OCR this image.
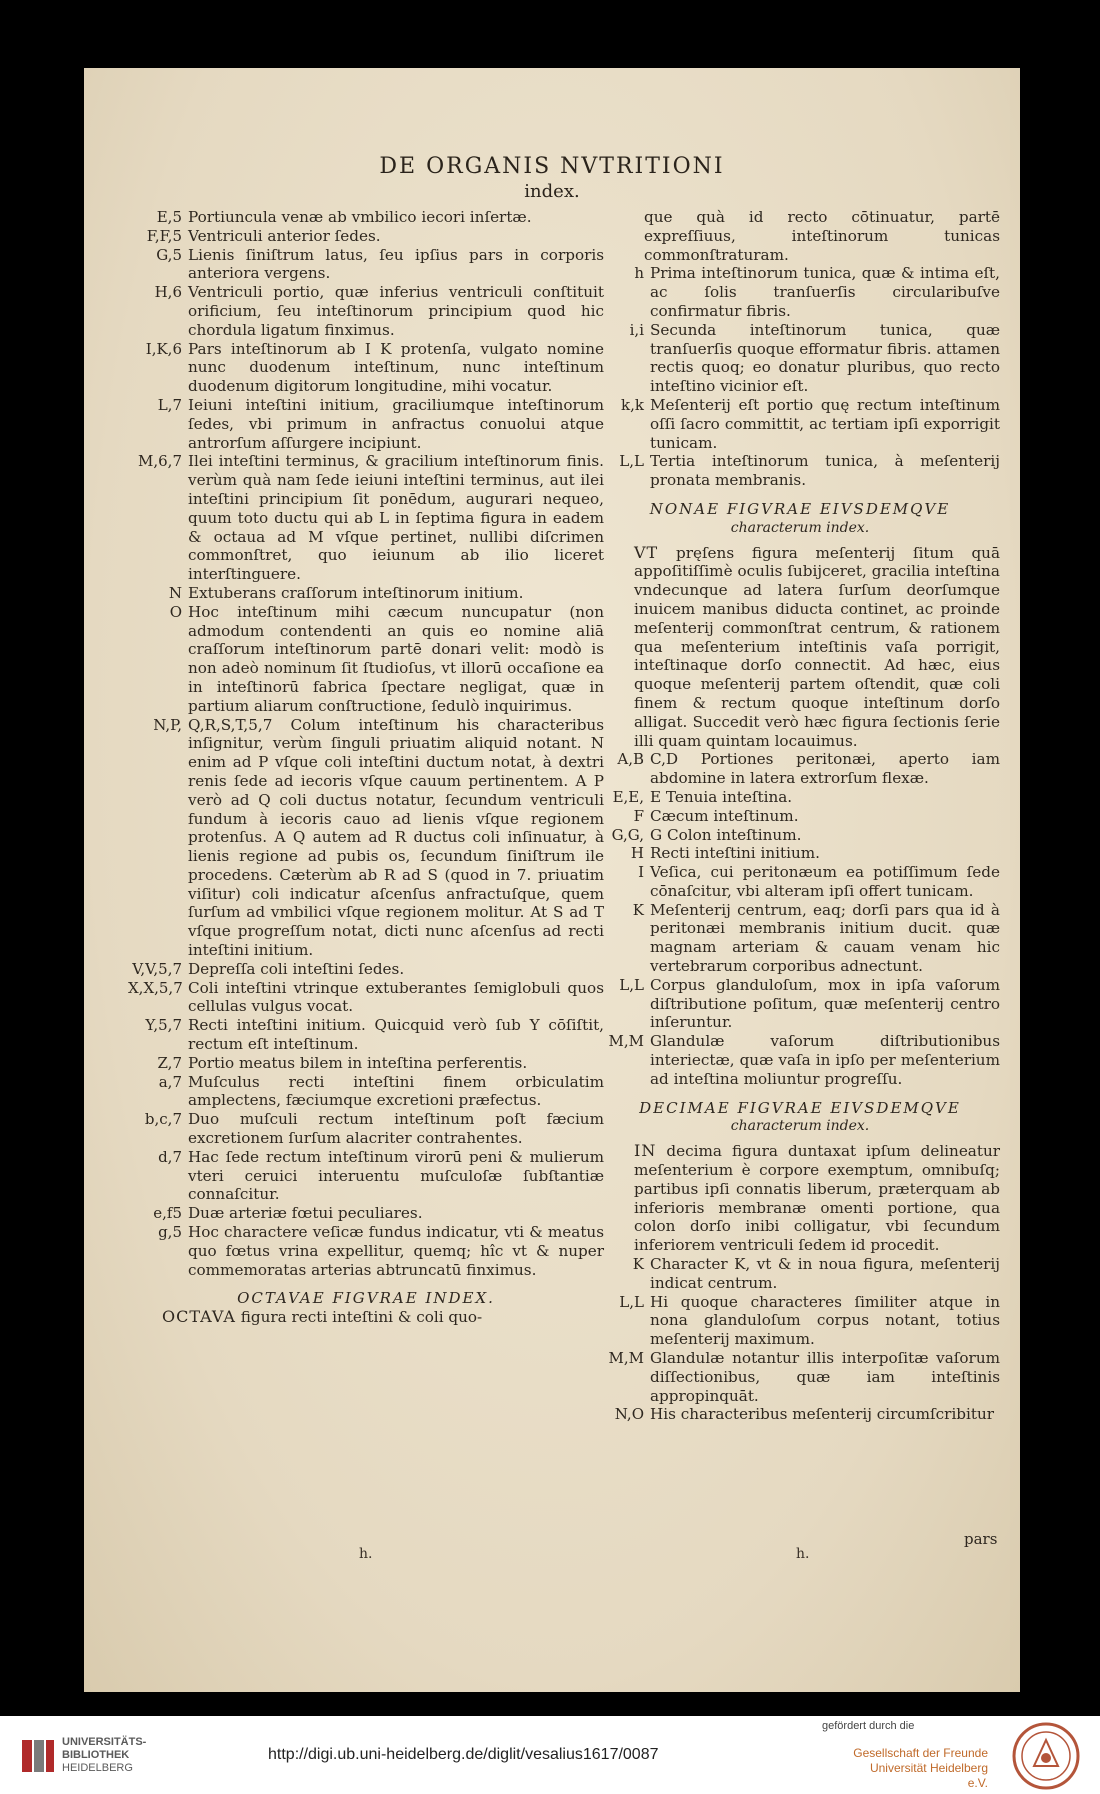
DE ORGANIS NVTRITIONI
index.
E,5 Portiuncula venæ ab vmbilico iecori inſertæ.
F,F,5 Ventriculi anterior ſedes.
G,5 Lienis ſiniſtrum latus, ſeu ipſius pars in corporis anteriora vergens.
H,6 Ventriculi portio, quæ inferius ventriculi conſtituit orificium, ſeu inteſtinorum principium quod hic chordula ligatum finximus.
I,K,6 Pars inteſtinorum ab I K protenſa, vulgato nomine nunc duodenum inteſtinum, nunc inteſtinum duodenum digitorum longitudine, mihi vocatur.
L,7 Ieiuni inteſtini initium, graciliumque inteſtinorum ſedes, vbi primum in anfractus conuolui atque antrorſum aſſurgere incipiunt.
M,6,7 Ilei inteſtini terminus, & gracilium inteſtinorum finis. verùm quà nam ſede ieiuni inteſtini terminus, aut ilei inteſtini principium ſit ponēdum, augurari nequeo, quum toto ductu qui ab L in ſeptima figura in eadem & octaua ad M vſque pertinet, nullibi diſcrimen commonſtret, quo ieiunum ab ilio liceret interſtinguere.
N Extuberans craſſorum inteſtinorum initium.
O Hoc inteſtinum mihi cæcum nuncupatur (non admodum contendenti an quis eo nomine aliā craſſorum inteſtinorum partē donari velit: modò is non adeò nominum ſit ſtudioſus, vt illorū occaſione ea in inteſtinorū fabrica ſpectare negligat, quæ in partium aliarum conſtructione, ſedulò inquirimus.
N,P, Q,R,S,T,5,7 Colum inteſtinum his characteribus inſignitur, verùm ſinguli priuatim aliquid notant. N enim ad P vſque coli inteſtini ductum notat, à dextri renis ſede ad iecoris vſque cauum pertinentem. A P verò ad Q coli ductus notatur, ſecundum ventriculi fundum à iecoris cauo ad lienis vſque regionem protenſus. A Q autem ad R ductus coli inſinuatur, à lienis regione ad pubis os, ſecundum ſiniſtrum ile procedens. Cæterùm ab R ad S (quod in 7. priuatim viſitur) coli indicatur aſcenſus anfractuſque, quem ſurſum ad vmbilici vſque regionem molitur. At S ad T vſque progreſſum notat, dicti nunc aſcenſus ad recti inteſtini initium.
V,V,5,7 Depreſſa coli inteſtini ſedes.
X,X,5,7 Coli inteſtini vtrinque extuberantes ſemiglobuli quos cellulas vulgus vocat.
Y,5,7 Recti inteſtini initium. Quicquid verò ſub Y cōſiſtit, rectum eſt inteſtinum.
Z,7 Portio meatus bilem in inteſtina perferentis.
a,7 Muſculus recti inteſtini finem orbiculatim amplectens, fæciumque excretioni præfectus.
b,c,7 Duo muſculi rectum inteſtinum poſt fæcium excretionem ſurſum alacriter contrahentes.
d,7 Hac ſede rectum inteſtinum virorū peni & mulierum vteri ceruici interuentu muſculoſæ ſubſtantiæ connaſcitur.
e,f5 Duæ arteriæ fœtui peculiares.
g,5 Hoc charactere veſicæ fundus indicatur, vti & meatus quo fœtus vrina expellitur, quemq; hîc vt & nuper commemoratas arterias abtruncatū finximus.
OCTAVAE FIGVRAE INDEX.
OCTAVA figura recti inteſtini & coli quo-
que quà id recto cōtinuatur, partē expreſſiuus, inteſtinorum tunicas commonſtraturam.
h Prima inteſtinorum tunica, quæ & intima eſt, ac ſolis tranſuerſis circularibuſve confirmatur fibris.
i,i Secunda inteſtinorum tunica, quæ tranſuerſis quoque efformatur fibris. attamen rectis quoq; eo donatur pluribus, quo recto inteſtino vicinior eſt.
k,k Meſenterij eſt portio quę rectum inteſtinum oſſi ſacro committit, ac tertiam ipſi exporrigit tunicam.
L,L Tertia inteſtinorum tunica, à meſenterij pronata membranis.
NONAE FIGVRAE EIVSDEMQVE
characterum index.
VT pręſens figura meſenterij ſitum quā appoſitiſſimè oculis ſubijceret, gracilia inteſtina vndecunque ad latera ſurſum deorſumque inuicem manibus diducta continet, ac proinde meſenterij commonſtrat centrum, & rationem qua meſenterium inteſtinis vaſa porrigit, inteſtinaque dorſo connectit. Ad hæc, eius quoque meſenterij partem oſtendit, quæ coli finem & rectum quoque inteſtinum dorſo alligat. Succedit verò hæc figura ſectionis ſerie illi quam quintam locauimus.
A,B C,D Portiones peritonæi, aperto iam abdomine in latera extrorſum flexæ.
E,E, E Tenuia inteſtina.
F Cæcum inteſtinum.
G,G, G Colon inteſtinum.
H Recti inteſtini initium.
I Veſica, cui peritonæum ea potiſſimum ſede cōnaſcitur, vbi alteram ipſi offert tunicam.
K Meſenterij centrum, eaq; dorſi pars qua id à peritonæi membranis initium ducit. quæ magnam arteriam & cauam venam hic vertebrarum corporibus adnectunt.
L,L Corpus glanduloſum, mox in ipſa vaſorum diſtributione poſitum, quæ meſenterij centro inſeruntur.
M,M Glandulæ vaſorum diſtributionibus interiectæ, quæ vaſa in ipſo per meſenterium ad inteſtina moliuntur progreſſu.
DECIMAE FIGVRAE EIVSDEMQVE
characterum index.
IN decima figura duntaxat ipſum delineatur meſenterium è corpore exemptum, omnibuſq; partibus ipſi connatis liberum, præterquam ab inferioris membranæ omenti portione, qua colon dorſo inibi colligatur, vbi ſecundum inferiorem ventriculi ſedem id procedit.
K Character K, vt & in noua figura, meſenterij indicat centrum.
L,L Hi quoque characteres ſimiliter atque in nona glanduloſum corpus notant, totius meſenterij maximum.
M,M Glandulæ notantur illis interpoſitæ vaſorum diſſectionibus, quæ iam inteſtinis appropinquāt.
N,O His characteribus meſenterij circumſcribitur
pars
h.	h.
UNIVERSITÄTS-
BIBLIOTHEK
HEIDELBERG
http://digi.ub.uni-heidelberg.de/diglit/vesalius1617/0087
gefördert durch die
Gesellschaft der Freunde
Universität Heidelberg e.V.
